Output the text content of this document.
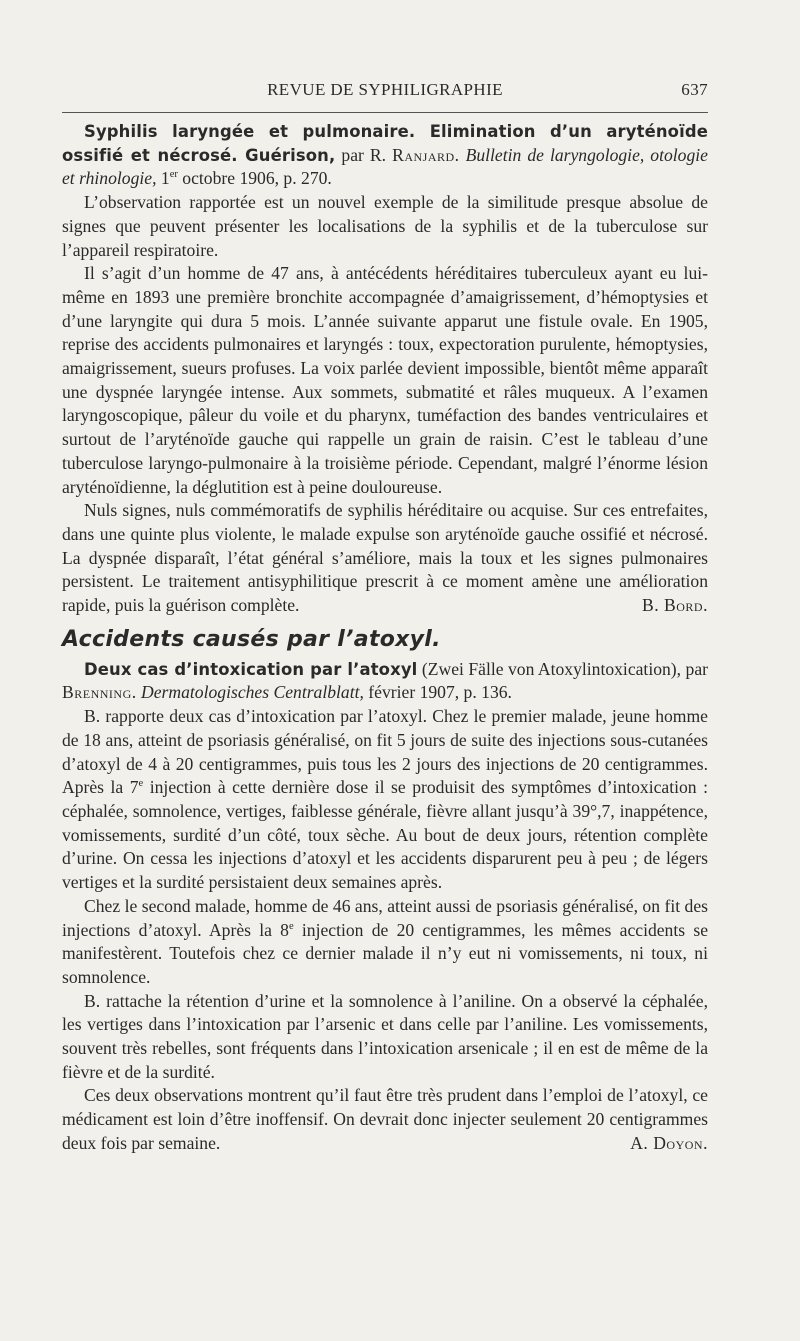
REVUE DE SYPHILIGRAPHIE	637

Syphilis laryngée et pulmonaire. Elimination d’un aryténoïde ossifié et nécrosé. Guérison, par R. Ranjard. Bulletin de laryngologie, otologie et rhinologie, 1er octobre 1906, p. 270.

L’observation rapportée est un nouvel exemple de la similitude presque absolue de signes que peuvent présenter les localisations de la syphilis et de la tuberculose sur l’appareil respiratoire.

Il s’agit d’un homme de 47 ans, à antécédents héréditaires tuberculeux ayant eu lui-même en 1893 une première bronchite accompagnée d’amaigrissement, d’hémoptysies et d’une laryngite qui dura 5 mois. L’année suivante apparut une fistule ovale. En 1905, reprise des accidents pulmonaires et laryngés : toux, expectoration purulente, hémoptysies, amaigrissement, sueurs profuses. La voix parlée devient impossible, bientôt même apparaît une dyspnée laryngée intense. Aux sommets, submatité et râles muqueux. A l’examen laryngoscopique, pâleur du voile et du pharynx, tuméfaction des bandes ventriculaires et surtout de l’aryténoïde gauche qui rappelle un grain de raisin. C’est le tableau d’une tuberculose laryngo-pulmonaire à la troisième période. Cependant, malgré l’énorme lésion aryténoïdienne, la déglutition est à peine douloureuse.

Nuls signes, nuls commémoratifs de syphilis héréditaire ou acquise. Sur ces entrefaites, dans une quinte plus violente, le malade expulse son aryténoïde gauche ossifié et nécrosé. La dyspnée disparaît, l’état général s’améliore, mais la toux et les signes pulmonaires persistent. Le traitement antisyphilitique prescrit à ce moment amène une amélioration rapide, puis la guérison complète.	B. Bord.

Accidents causés par l’atoxyl.

Deux cas d’intoxication par l’atoxyl (Zwei Fälle von Atoxylintoxication), par Brenning. Dermatologisches Centralblatt, février 1907, p. 136.

B. rapporte deux cas d’intoxication par l’atoxyl. Chez le premier malade, jeune homme de 18 ans, atteint de psoriasis généralisé, on fit 5 jours de suite des injections sous-cutanées d’atoxyl de 4 à 20 centigrammes, puis tous les 2 jours des injections de 20 centigrammes. Après la 7e injection à cette dernière dose il se produisit des symptômes d’intoxication : céphalée, somnolence, vertiges, faiblesse générale, fièvre allant jusqu’à 39°,7, inappétence, vomissements, surdité d’un côté, toux sèche. Au bout de deux jours, rétention complète d’urine. On cessa les injections d’atoxyl et les accidents disparurent peu à peu ; de légers vertiges et la surdité persistaient deux semaines après.

Chez le second malade, homme de 46 ans, atteint aussi de psoriasis généralisé, on fit des injections d’atoxyl. Après la 8e injection de 20 centigrammes, les mêmes accidents se manifestèrent. Toutefois chez ce dernier malade il n’y eut ni vomissements, ni toux, ni somnolence.

B. rattache la rétention d’urine et la somnolence à l’aniline. On a observé la céphalée, les vertiges dans l’intoxication par l’arsenic et dans celle par l’aniline. Les vomissements, souvent très rebelles, sont fréquents dans l’intoxication arsenicale ; il en est de même de la fièvre et de la surdité.

Ces deux observations montrent qu’il faut être très prudent dans l’emploi de l’atoxyl, ce médicament est loin d’être inoffensif. On devrait donc injecter seulement 20 centigrammes deux fois par semaine.	A. Doyon.
